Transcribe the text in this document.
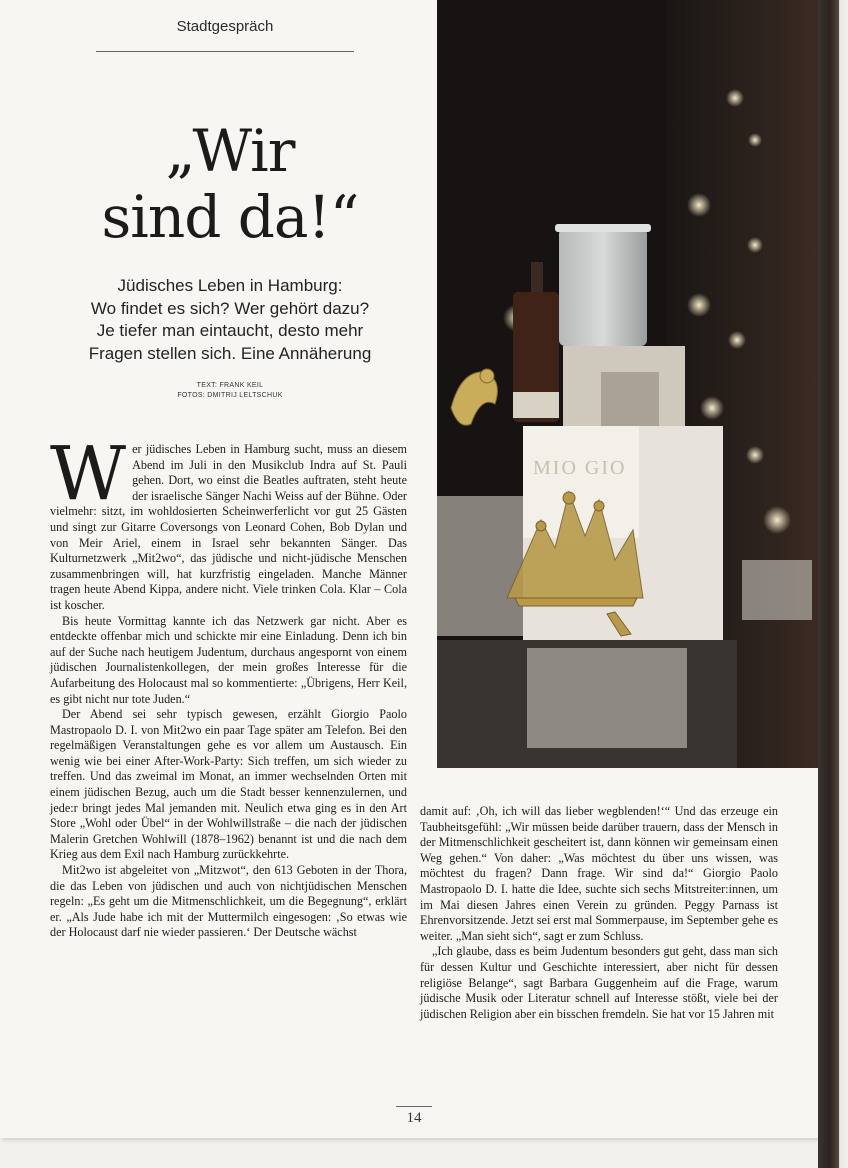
Stadtgespräch
„Wir
sind da!“
Jüdisches Leben in Hamburg:
Wo findet es sich? Wer gehört dazu?
Je tiefer man eintaucht, desto mehr
Fragen stellen sich. Eine Annäherung
TEXT: FRANK KEIL
FOTOS: DMITRIJ LELTSCHUK

Wer jüdisches Leben in Hamburg sucht, muss an diesem Abend im Juli in den Musikclub Indra auf St. Pauli gehen. Dort, wo einst die Beatles auftraten, steht heute der israelische Sänger Nachi Weiss auf der Bühne. Oder vielmehr: sitzt, im wohldosierten Scheinwerferlicht vor gut 25 Gästen und singt zur Gitarre Coversongs von Leonard Cohen, Bob Dylan und von Meir Ariel, einem in Israel sehr bekannten Sänger. Das Kulturnetzwerk „Mit2wo“, das jüdische und nicht-jüdische Menschen zusammenbringen will, hat kurzfristig eingeladen. Manche Männer tragen heute Abend Kippa, andere nicht. Viele trinken Cola. Klar – Cola ist koscher.

Bis heute Vormittag kannte ich das Netzwerk gar nicht. Aber es entdeckte offenbar mich und schickte mir eine Einladung. Denn ich bin auf der Suche nach heutigem Judentum, durchaus angespornt von einem jüdischen Journalistenkollegen, der mein großes Interesse für die Aufarbeitung des Holocaust mal so kommentierte: „Übrigens, Herr Keil, es gibt nicht nur tote Juden.“

Der Abend sei sehr typisch gewesen, erzählt Giorgio Paolo Mastropaolo D. I. von Mit2wo ein paar Tage später am Telefon. Bei den regelmäßigen Veranstaltungen gehe es vor allem um Austausch. Ein wenig wie bei einer After-Work-Party: Sich treffen, um sich wieder zu treffen. Und das zweimal im Monat, an immer wechselnden Orten mit einem jüdischen Bezug, auch um die Stadt besser kennenzulernen, und jede:r bringt jedes Mal jemanden mit. Neulich etwa ging es in den Art Store „Wohl oder Übel“ in der Wohlwillstraße – die nach der jüdischen Malerin Gretchen Wohlwill (1878–1962) benannt ist und die nach dem Krieg aus dem Exil nach Hamburg zurückkehrte.

Mit2wo ist abgeleitet von „Mitzwot“, den 613 Geboten in der Thora, die das Leben von jüdischen und auch von nichtjüdischen Menschen regeln: „Es geht um die Mitmenschlichkeit, um die Begegnung“, erklärt er. „Als Jude habe ich mit der Muttermilch eingesogen: ‚So etwas wie der Holocaust darf nie wieder passieren.‘ Der Deutsche wächst

damit auf: ‚Oh, ich will das lieber wegblenden!‘“ Und das erzeuge ein Taubheitsgefühl: „Wir müssen beide darüber trauern, dass der Mensch in der Mitmenschlichkeit gescheitert ist, dann können wir gemeinsam einen Weg gehen.“ Von daher: „Was möchtest du über uns wissen, was möchtest du fragen? Dann frage. Wir sind da!“ Giorgio Paolo Mastropaolo D. I. hatte die Idee, suchte sich sechs Mitstreiter:innen, um im Mai diesen Jahres einen Verein zu gründen. Peggy Parnass ist Ehrenvorsitzende. Jetzt sei erst mal Sommerpause, im September gehe es weiter. „Man sieht sich“, sagt er zum Schluss.

„Ich glaube, dass es beim Judentum besonders gut geht, dass man sich für dessen Kultur und Geschichte interessiert, aber nicht für dessen religiöse Belange“, sagt Barbara Guggenheim auf die Frage, warum jüdische Musik oder Literatur schnell auf Interesse stößt, viele bei der jüdischen Religion aber ein bisschen fremdeln. Sie hat vor 15 Jahren mit

MIO GIO
14
